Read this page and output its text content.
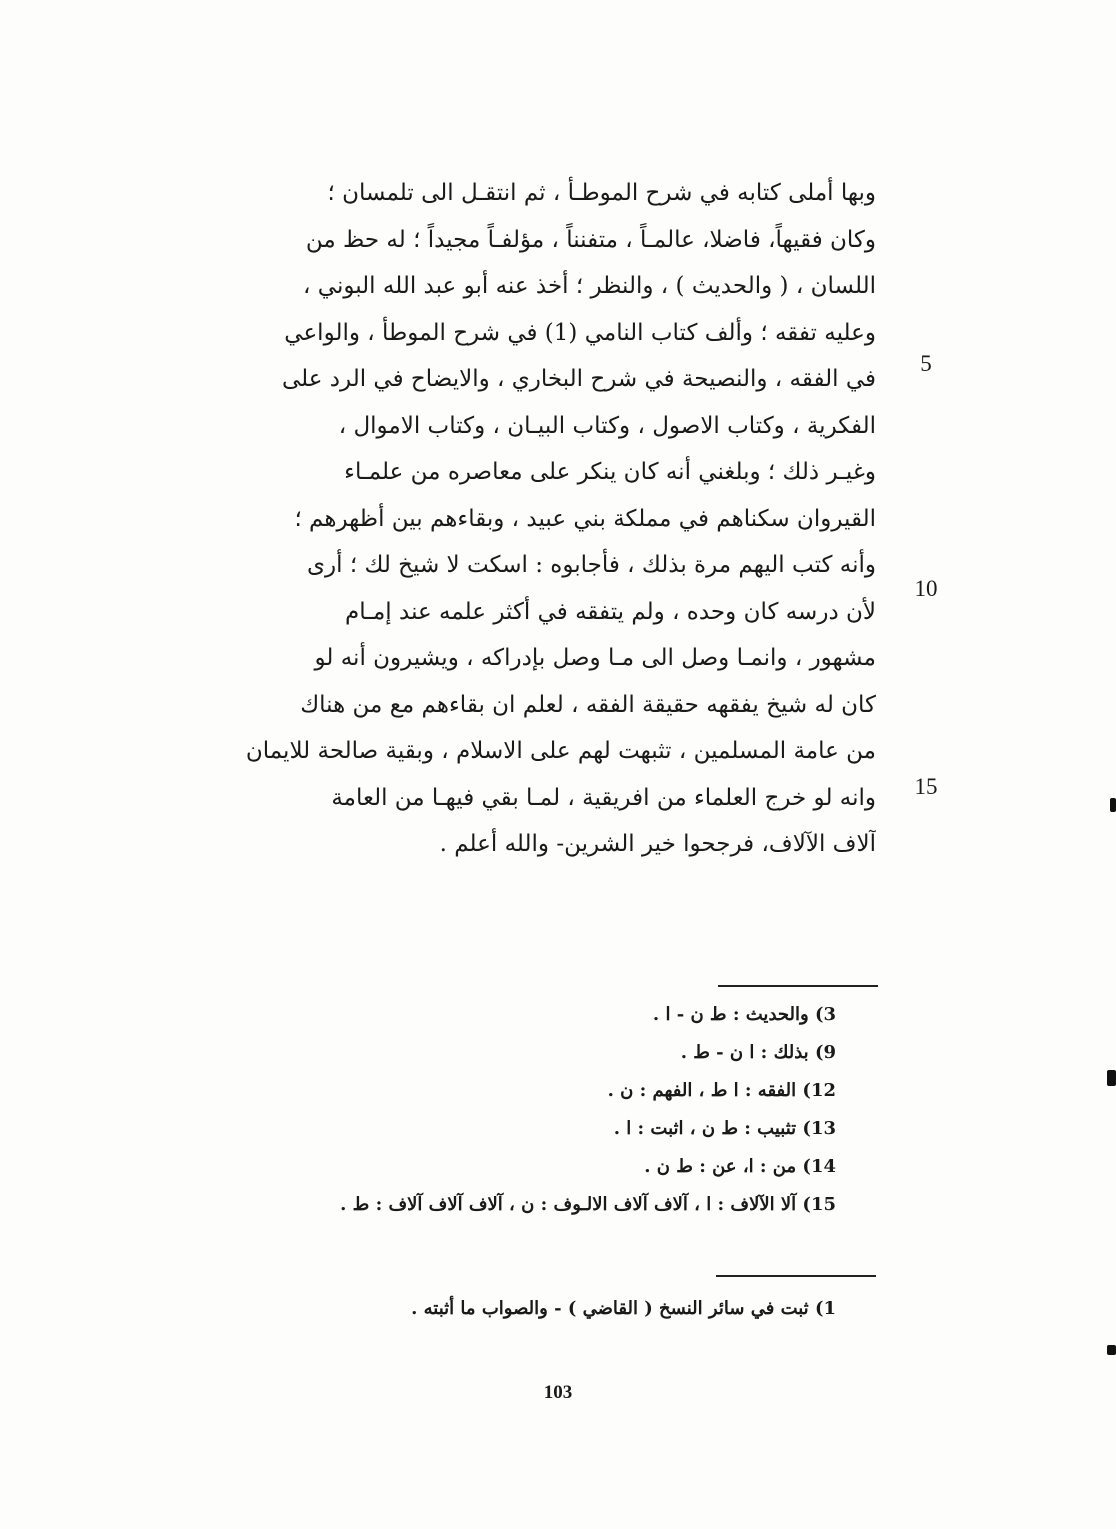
وبها أملى كتابه في شرح الموطـأ ، ثم انتقـل الى تلمسان ؛
وكان فقيهاً، فاضلا، عالمـاً ، متفنناً ، مؤلفـاً مجيداً ؛ له حظ من
اللسان ، ( والحديث ) ، والنظر ؛ أخذ عنه أبو عبد الله البوني ،
وعليه تفقه ؛ وألف كتاب النامي (1) في شرح الموطأ ، والواعي
في الفقه ، والنصيحة في شرح البخاري ، والايضاح في الرد على
الفكرية ، وكتاب الاصول ، وكتاب البيـان ، وكتاب الاموال ،
وغيـر ذلك ؛ وبلغني أنه كان ينكر على معاصره من علمـاء
القيروان سكناهم في مملكة بني عبيد ، وبقاءهم بين أظهرهم ؛
وأنه كتب اليهم مرة بذلك ، فأجابوه : اسكت لا شيخ لك ؛ أرى
لأن درسه كان وحده ، ولم يتفقه في أكثر علمه عند إمـام
مشهور ، وانمـا وصل الى مـا وصل بإدراكه ، ويشيرون أنه لو
كان له شيخ يفقهه حقيقة الفقه ، لعلم ان بقاءهم مع من هناك
من عامة المسلمين ، تثبهت لهم على الاسلام ، وبقية صالحة للايمان
وانه لو خرج العلماء من افريقية ، لمـا بقي فيهـا من العامة
آلاف الآلاف، فرجحوا خير الشرين- والله أعلم .
5
10
15
3) والحديث : ط ن - ا .
9) بذلك : ا ن - ط .
12) الفقه : ا ط ، الفهم : ن .
13) تثبيب : ط ن ، اثبت : ا .
14) من : ا، عن : ط ن .
15) آلا الآلاف : ا ، آلاف آلاف الالـوف : ن ، آلاف آلاف آلاف : ط .
1) ثبت في سائر النسخ ( القاضي ) - والصواب ما أثبته .
103
